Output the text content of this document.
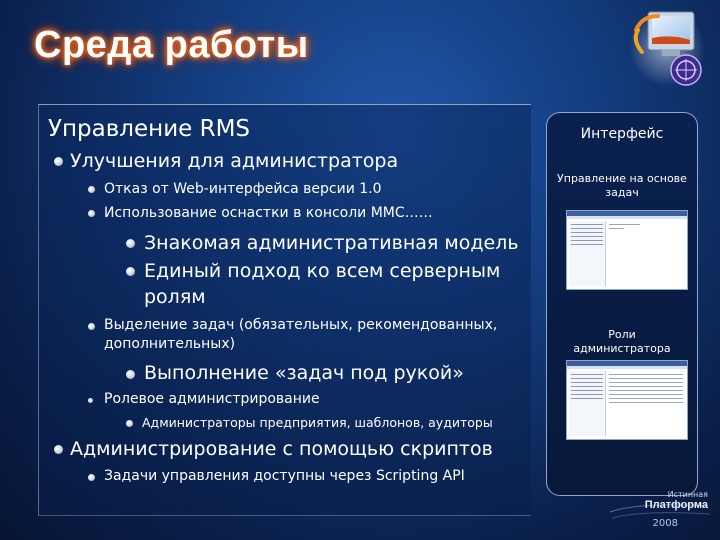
Среда работы
Управление RMS
Улучшения для администратора
Отказ от Web-интерфейса версии 1.0
Использование оснастки в консоли MMC……
Знакомая административная модель
Единый подход ко всем серверным
ролям
Выделение задач (обязательных, рекомендованных,
дополнительных)
Выполнение «задач под рукой»
Ролевое администрирование
Администраторы предприятия, шаблонов, аудиторы
Администрирование с помощью скриптов
Задачи управления доступны через Scripting API
Интерфейс
Управление на основе
задач
Роли
администратора
Истинная
Платформа
2008
